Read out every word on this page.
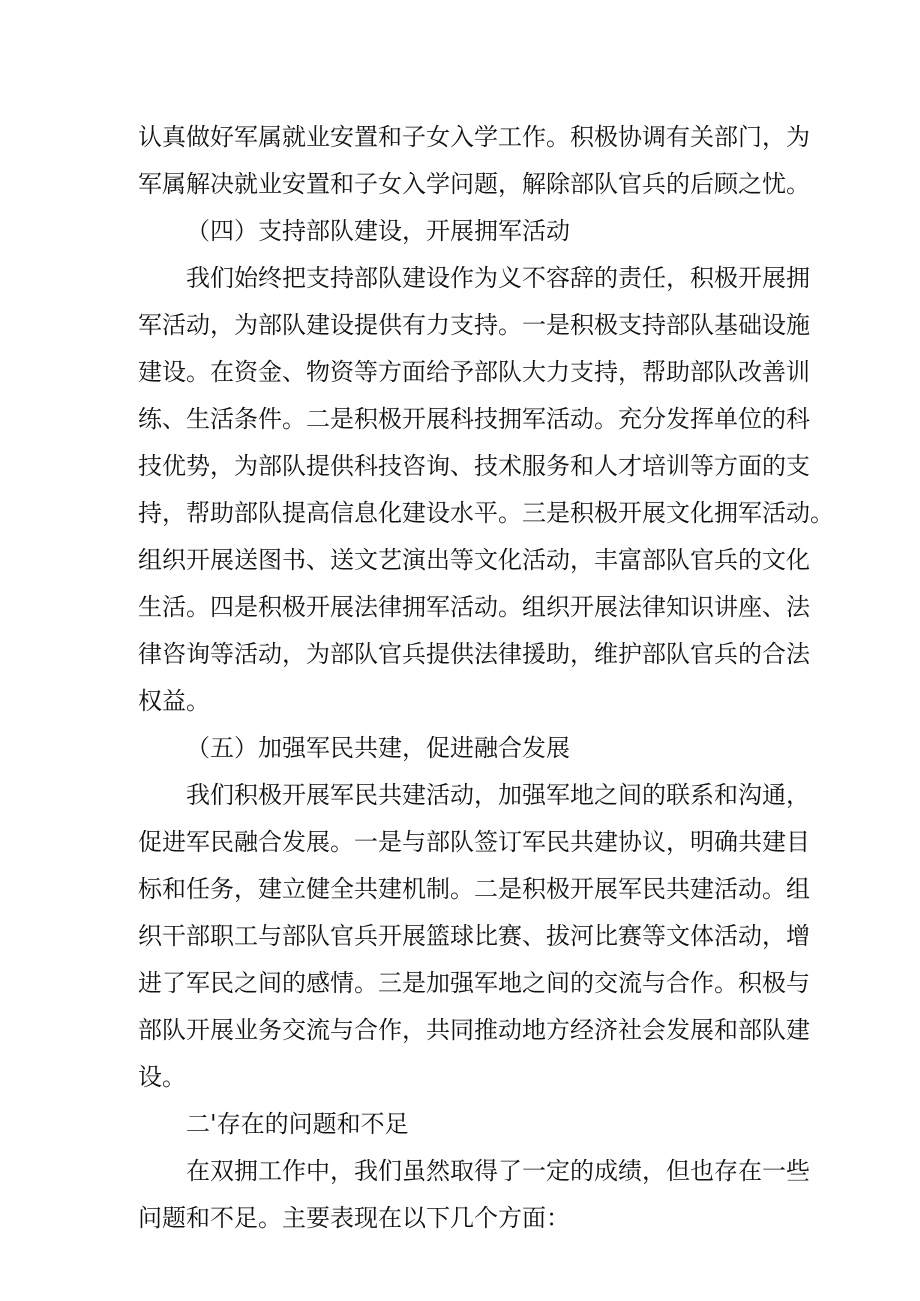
认真做好军属就业安置和子女入学工作。积极协调有关部门，为
军属解决就业安置和子女入学问题，解除部队官兵的后顾之忧。
（四）支持部队建设，开展拥军活动
我们始终把支持部队建设作为义不容辞的责任，积极开展拥
军活动，为部队建设提供有力支持。一是积极支持部队基础设施
建设。在资金、物资等方面给予部队大力支持，帮助部队改善训
练、生活条件。二是积极开展科技拥军活动。充分发挥单位的科
技优势，为部队提供科技咨询、技术服务和人才培训等方面的支
持，帮助部队提高信息化建设水平。三是积极开展文化拥军活动。
组织开展送图书、送文艺演出等文化活动，丰富部队官兵的文化
生活。四是积极开展法律拥军活动。组织开展法律知识讲座、法
律咨询等活动，为部队官兵提供法律援助，维护部队官兵的合法
权益。
（五）加强军民共建，促进融合发展
我们积极开展军民共建活动，加强军地之间的联系和沟通，
促进军民融合发展。一是与部队签订军民共建协议，明确共建目
标和任务，建立健全共建机制。二是积极开展军民共建活动。组
织干部职工与部队官兵开展篮球比赛、拔河比赛等文体活动，增
进了军民之间的感情。三是加强军地之间的交流与合作。积极与
部队开展业务交流与合作，共同推动地方经济社会发展和部队建
设。
二'存在的问题和不足
在双拥工作中，我们虽然取得了一定的成绩，但也存在一些
问题和不足。主要表现在以下几个方面：
